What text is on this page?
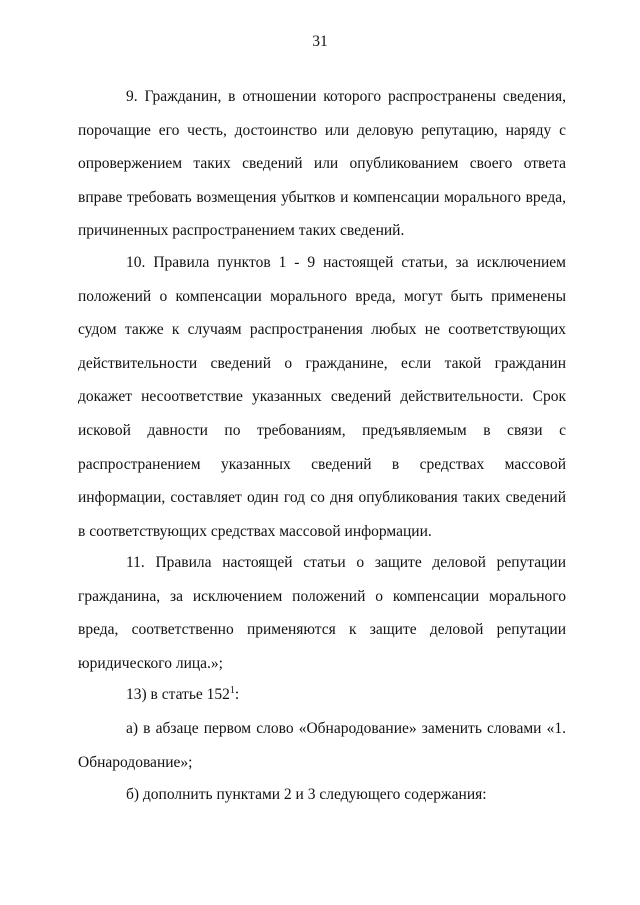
31

9. Гражданин, в отношении которого распространены сведения, порочащие его честь, достоинство или деловую репутацию, наряду с опровержением таких сведений или опубликованием своего ответа вправе требовать возмещения убытков и компенсации морального вреда, причиненных распространением таких сведений.

10. Правила пунктов 1 - 9 настоящей статьи, за исключением положений о компенсации морального вреда, могут быть применены судом также к случаям распространения любых не соответствующих действительности сведений о гражданине, если такой гражданин докажет несоответствие указанных сведений действительности. Срок исковой давности по требованиям, предъявляемым в связи с распространением указанных сведений в средствах массовой информации, составляет один год со дня опубликования таких сведений в соответствующих средствах массовой информации.

11. Правила настоящей статьи о защите деловой репутации гражданина, за исключением положений о компенсации морального вреда, соответственно применяются к защите деловой репутации юридического лица.»;

13) в статье $152^1$:

а) в абзаце первом слово «Обнародование» заменить словами «1. Обнародование»;

б) дополнить пунктами 2 и 3 следующего содержания:
